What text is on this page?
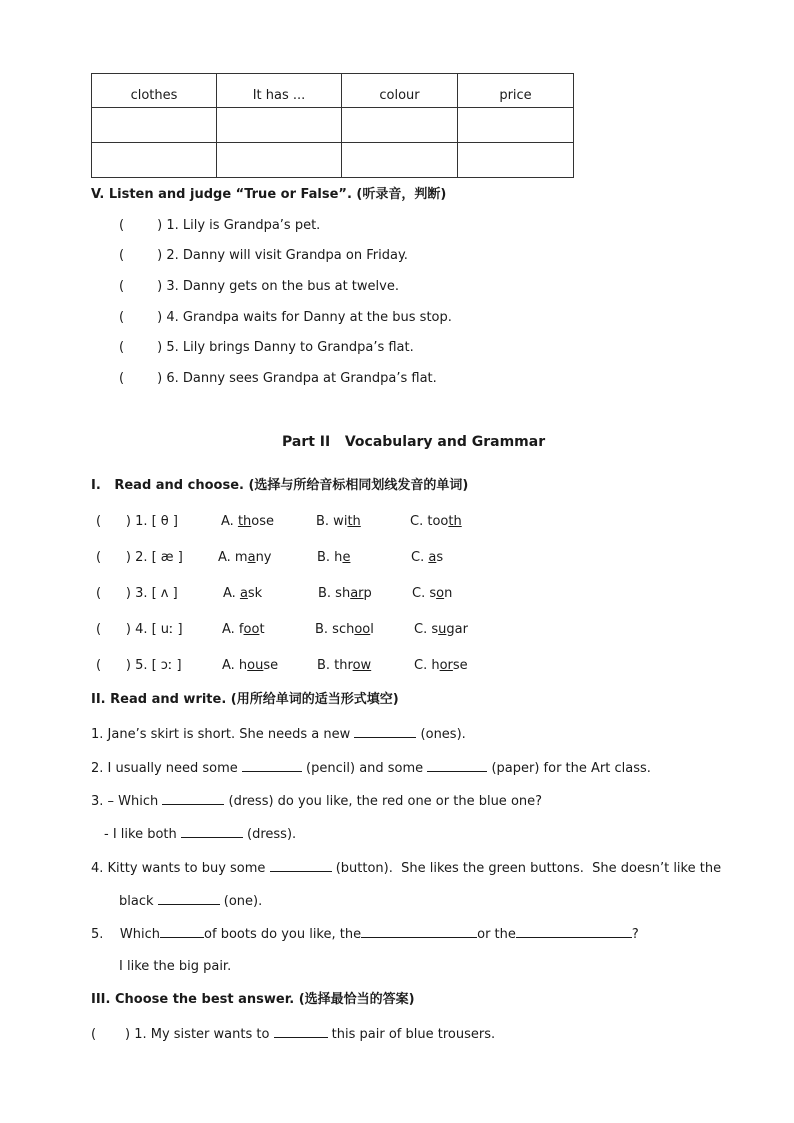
clothes	It has ...	colour	price

V. Listen and judge “True or False”. (听录音，判断)
(        ) 1. Lily is Grandpa’s pet.
(        ) 2. Danny will visit Grandpa on Friday.
(        ) 3. Danny gets on the bus at twelve.
(        ) 4. Grandpa waits for Danny at the bus stop.
(        ) 5. Lily brings Danny to Grandpa’s flat.
(        ) 6. Danny sees Grandpa at Grandpa’s flat.
Part II   Vocabulary and Grammar
I.   Read and choose. (选择与所给音标相同划线发音的单词)
(      ) 1. [ θ ]	A. those	B. with	C. tooth
(      ) 2. [ æ ]	A. many	B. he	C. as
(      ) 3. [ ʌ ]	A. ask	B. sharp	C. son
(      ) 4. [ uː ]	A. foot	B. school	C. sugar
(      ) 5. [ ɔː ]	A. house	B. throw	C. horse
II. Read and write. (用所给单词的适当形式填空)
1. Jane’s skirt is short. She needs a new	(ones).
2. I usually need some	(pencil) and some	(paper) for the Art class.
3. – Which	(dress) do you like, the red one or the blue one?
- I like both	(dress).
4. Kitty wants to buy some	(button).  She likes the green buttons.  She doesn’t like the
black	(one).
5.    Which	of boots do you like, the	or the	?
I like the big pair.
III. Choose the best answer. (选择最恰当的答案)
(       ) 1. My sister wants to	this pair of blue trousers.
